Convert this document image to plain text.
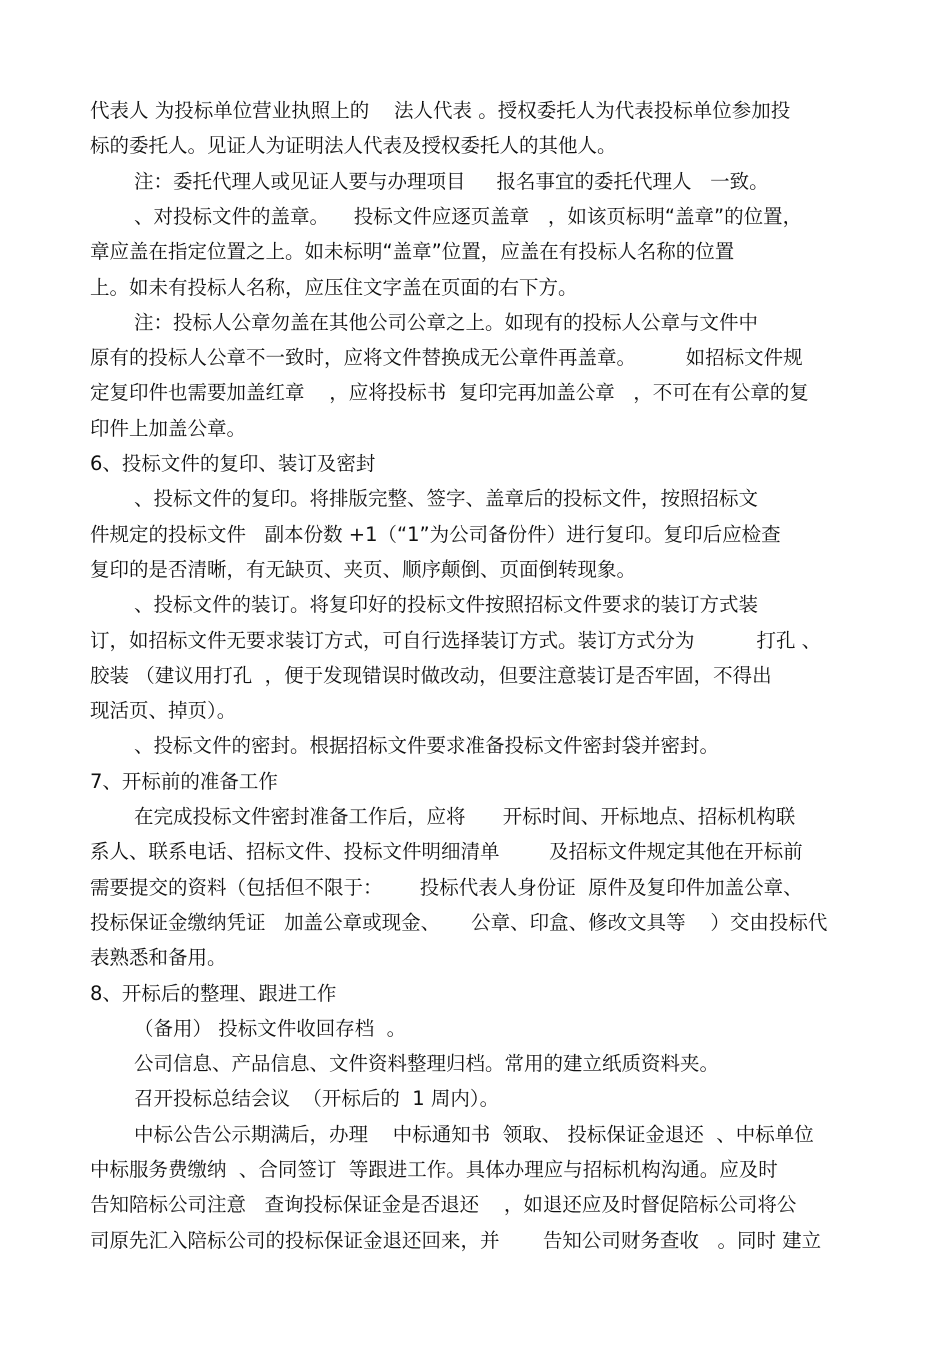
代表人 为投标单位营业执照上的    法人代表 。授权委托人为代表投标单位参加投

标的委托人。见证人为证明法人代表及授权委托人的其他人。

注：委托代理人或见证人要与办理项目     报名事宜的委托代理人   一致。

、对投标文件的盖章。    投标文件应逐页盖章   ，如该页标明“盖章”的位置，

章应盖在指定位置之上。如未标明“盖章”位置，应盖在有投标人名称的位置

上。如未有投标人名称，应压住文字盖在页面的右下方。

注：投标人公章勿盖在其他公司公章之上。如现有的投标人公章与文件中

原有的投标人公章不一致时，应将文件替换成无公章件再盖章。        如招标文件规

定复印件也需要加盖红章    ，应将投标书  复印完再加盖公章   ，不可在有公章的复

印件上加盖公章。

6、投标文件的复印、装订及密封

、投标文件的复印。将排版完整、签字、盖章后的投标文件，按照招标文

件规定的投标文件   副本份数 +1（“1”为公司备份件）进行复印。复印后应检查

复印的是否清晰，有无缺页、夹页、顺序颠倒、页面倒转现象。

、投标文件的装订。将复印好的投标文件按照招标文件要求的装订方式装

订，如招标文件无要求装订方式，可自行选择装订方式。装订方式分为          打孔 、

胶装 （建议用打孔  ，便于发现错误时做改动，但要注意装订是否牢固，不得出

现活页、掉页）。

、投标文件的密封。根据招标文件要求准备投标文件密封袋并密封。

7、开标前的准备工作

在完成投标文件密封准备工作后，应将      开标时间、开标地点、招标机构联

系人、联系电话、招标文件、投标文件明细清单        及招标文件规定其他在开标前

需要提交的资料（包括但不限于：      投标代表人身份证  原件及复印件加盖公章、

投标保证金缴纳凭证   加盖公章或现金、     公章、印盒、修改文具等    ）交由投标代

表熟悉和备用。

8、开标后的整理、跟进工作

（备用） 投标文件收回存档  。

公司信息、产品信息、文件资料整理归档。常用的建立纸质资料夹。

召开投标总结会议  （开标后的  1 周内）。

中标公告公示期满后，办理    中标通知书  领取、 投标保证金退还  、中标单位

中标服务费缴纳  、合同签订  等跟进工作。具体办理应与招标机构沟通。应及时

告知陪标公司注意   查询投标保证金是否退还    ，如退还应及时督促陪标公司将公

司原先汇入陪标公司的投标保证金退还回来，并       告知公司财务查收   。同时 建立
